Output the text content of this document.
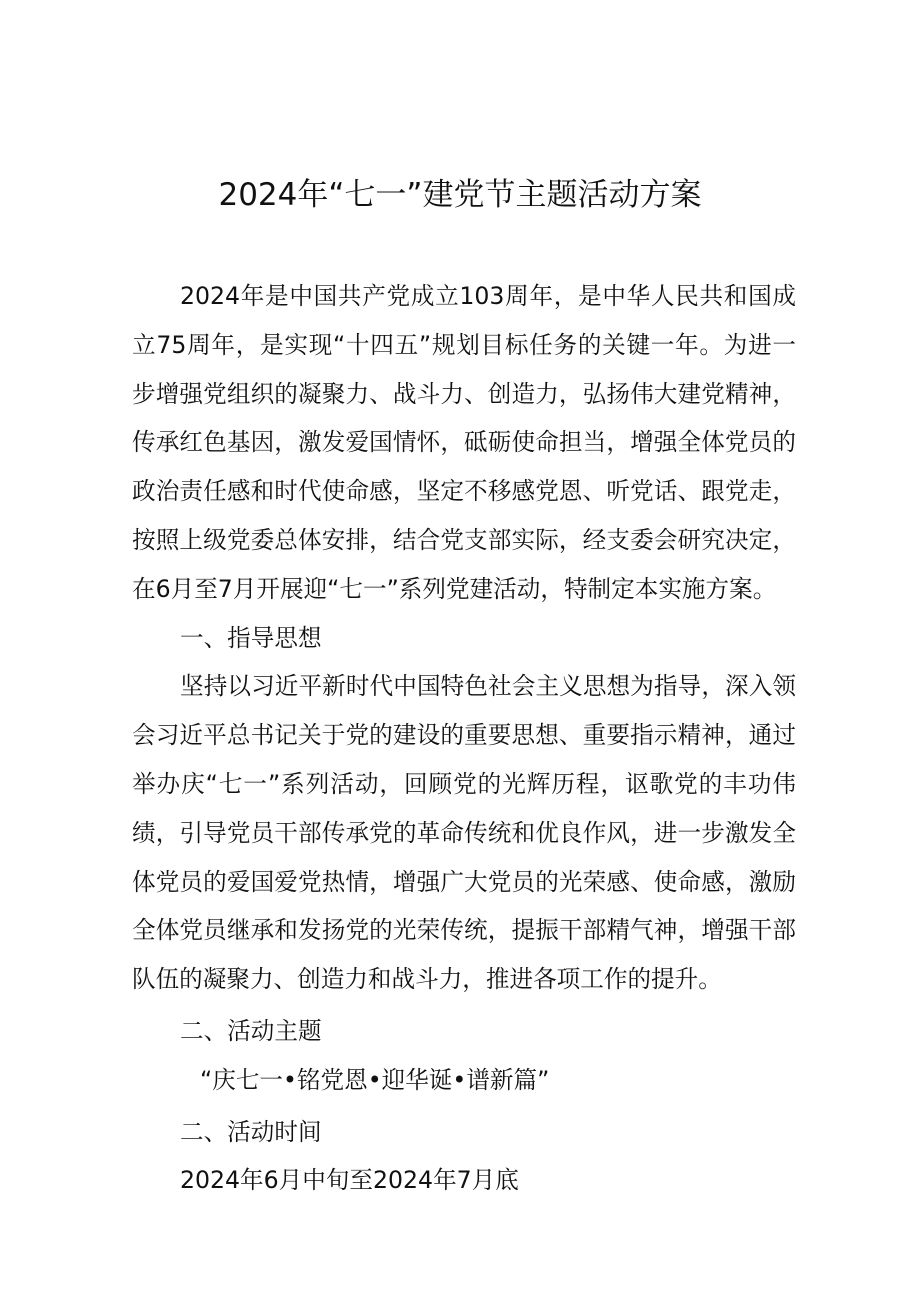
2024年“七一”建党节主题活动方案

2024年是中国共产党成立103周年，是中华人民共和国成立75周年，是实现“十四五”规划目标任务的关键一年。为进一步增强党组织的凝聚力、战斗力、创造力，弘扬伟大建党精神，传承红色基因，激发爱国情怀，砥砺使命担当，增强全体党员的政治责任感和时代使命感，坚定不移感党恩、听党话、跟党走，按照上级党委总体安排，结合党支部实际，经支委会研究决定，在6月至7月开展迎“七一”系列党建活动，特制定本实施方案。

一、指导思想

坚持以习近平新时代中国特色社会主义思想为指导，深入领会习近平总书记关于党的建设的重要思想、重要指示精神，通过举办庆“七一”系列活动，回顾党的光辉历程，讴歌党的丰功伟绩，引导党员干部传承党的革命传统和优良作风，进一步激发全体党员的爱国爱党热情，增强广大党员的光荣感、使命感，激励全体党员继承和发扬党的光荣传统，提振干部精气神，增强干部队伍的凝聚力、创造力和战斗力，推进各项工作的提升。

二、活动主题

“庆七一•铭党恩•迎华诞•谱新篇”

二、活动时间

2024年6月中旬至2024年7月底
